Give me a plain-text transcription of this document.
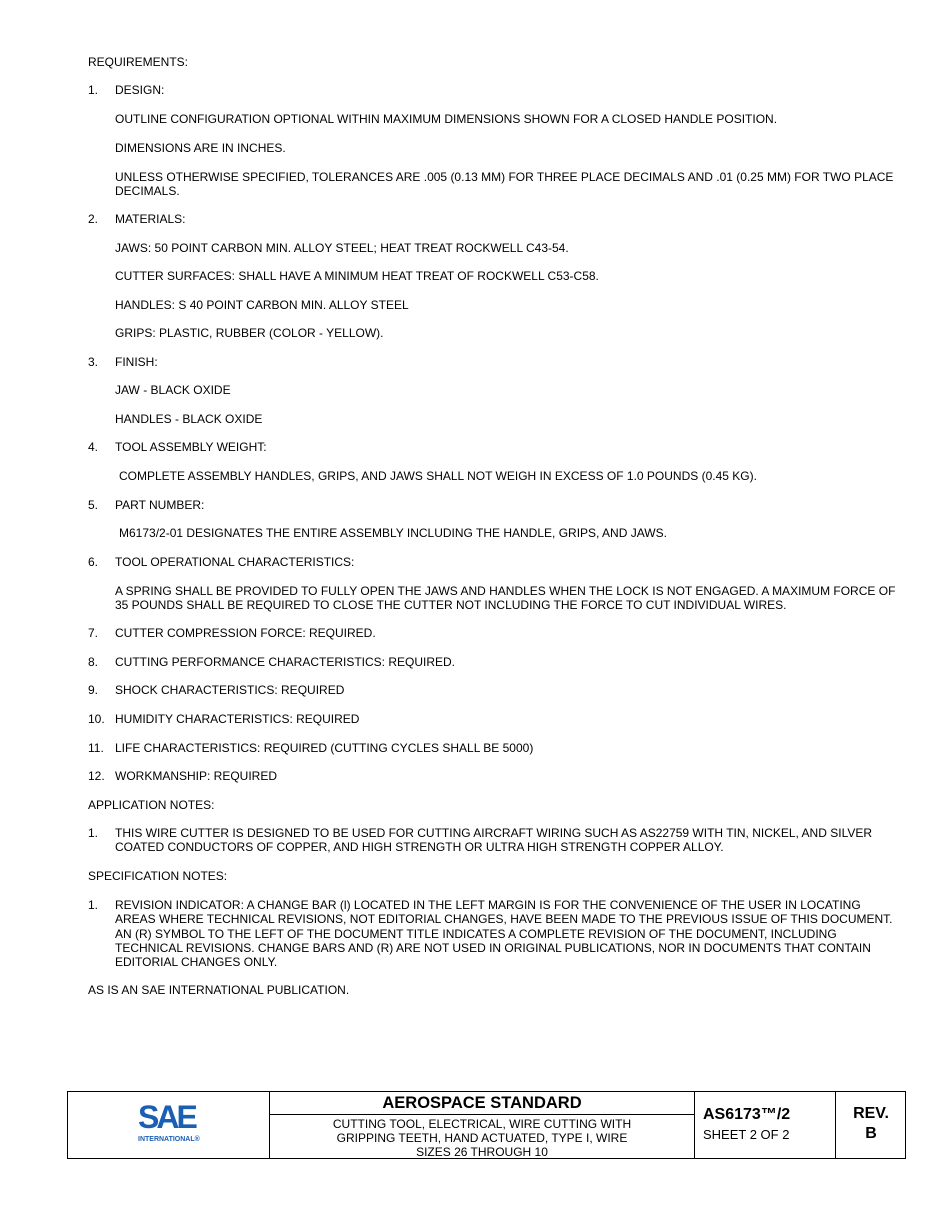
REQUIREMENTS:
1. DESIGN:
OUTLINE CONFIGURATION OPTIONAL WITHIN MAXIMUM DIMENSIONS SHOWN FOR A CLOSED HANDLE POSITION.
DIMENSIONS ARE IN INCHES.
UNLESS OTHERWISE SPECIFIED, TOLERANCES ARE .005 (0.13 MM) FOR THREE PLACE DECIMALS AND .01 (0.25 MM) FOR TWO PLACE DECIMALS.
2. MATERIALS:
JAWS: 50 POINT CARBON MIN. ALLOY STEEL; HEAT TREAT ROCKWELL C43-54.
CUTTER SURFACES: SHALL HAVE A MINIMUM HEAT TREAT OF ROCKWELL C53-C58.
HANDLES: S 40 POINT CARBON MIN. ALLOY STEEL
GRIPS: PLASTIC, RUBBER (COLOR - YELLOW).
3. FINISH:
JAW - BLACK OXIDE
HANDLES - BLACK OXIDE
4. TOOL ASSEMBLY WEIGHT:
COMPLETE ASSEMBLY HANDLES, GRIPS, AND JAWS SHALL NOT WEIGH IN EXCESS OF 1.0 POUNDS (0.45 KG).
5. PART NUMBER:
M6173/2-01 DESIGNATES THE ENTIRE ASSEMBLY INCLUDING THE HANDLE, GRIPS, AND JAWS.
6. TOOL OPERATIONAL CHARACTERISTICS:
A SPRING SHALL BE PROVIDED TO FULLY OPEN THE JAWS AND HANDLES WHEN THE LOCK IS NOT ENGAGED. A MAXIMUM FORCE OF 35 POUNDS SHALL BE REQUIRED TO CLOSE THE CUTTER NOT INCLUDING THE FORCE TO CUT INDIVIDUAL WIRES.
7. CUTTER COMPRESSION FORCE: REQUIRED.
8. CUTTING PERFORMANCE CHARACTERISTICS: REQUIRED.
9. SHOCK CHARACTERISTICS: REQUIRED
10. HUMIDITY CHARACTERISTICS: REQUIRED
11. LIFE CHARACTERISTICS: REQUIRED (CUTTING CYCLES SHALL BE 5000)
12. WORKMANSHIP: REQUIRED
APPLICATION NOTES:
1. THIS WIRE CUTTER IS DESIGNED TO BE USED FOR CUTTING AIRCRAFT WIRING SUCH AS AS22759 WITH TIN, NICKEL, AND SILVER COATED CONDUCTORS OF COPPER, AND HIGH STRENGTH OR ULTRA HIGH STRENGTH COPPER ALLOY.
SPECIFICATION NOTES:
1. REVISION INDICATOR: A CHANGE BAR (l) LOCATED IN THE LEFT MARGIN IS FOR THE CONVENIENCE OF THE USER IN LOCATING AREAS WHERE TECHNICAL REVISIONS, NOT EDITORIAL CHANGES, HAVE BEEN MADE TO THE PREVIOUS ISSUE OF THIS DOCUMENT. AN (R) SYMBOL TO THE LEFT OF THE DOCUMENT TITLE INDICATES A COMPLETE REVISION OF THE DOCUMENT, INCLUDING TECHNICAL REVISIONS. CHANGE BARS AND (R) ARE NOT USED IN ORIGINAL PUBLICATIONS, NOR IN DOCUMENTS THAT CONTAIN EDITORIAL CHANGES ONLY.
AS IS AN SAE INTERNATIONAL PUBLICATION.
SAE
INTERNATIONAL®
AEROSPACE STANDARD
CUTTING TOOL, ELECTRICAL, WIRE CUTTING WITH GRIPPING TEETH, HAND ACTUATED, TYPE I, WIRE SIZES 26 THROUGH 10
AS6173™/2
SHEET 2 OF 2
REV.
B
